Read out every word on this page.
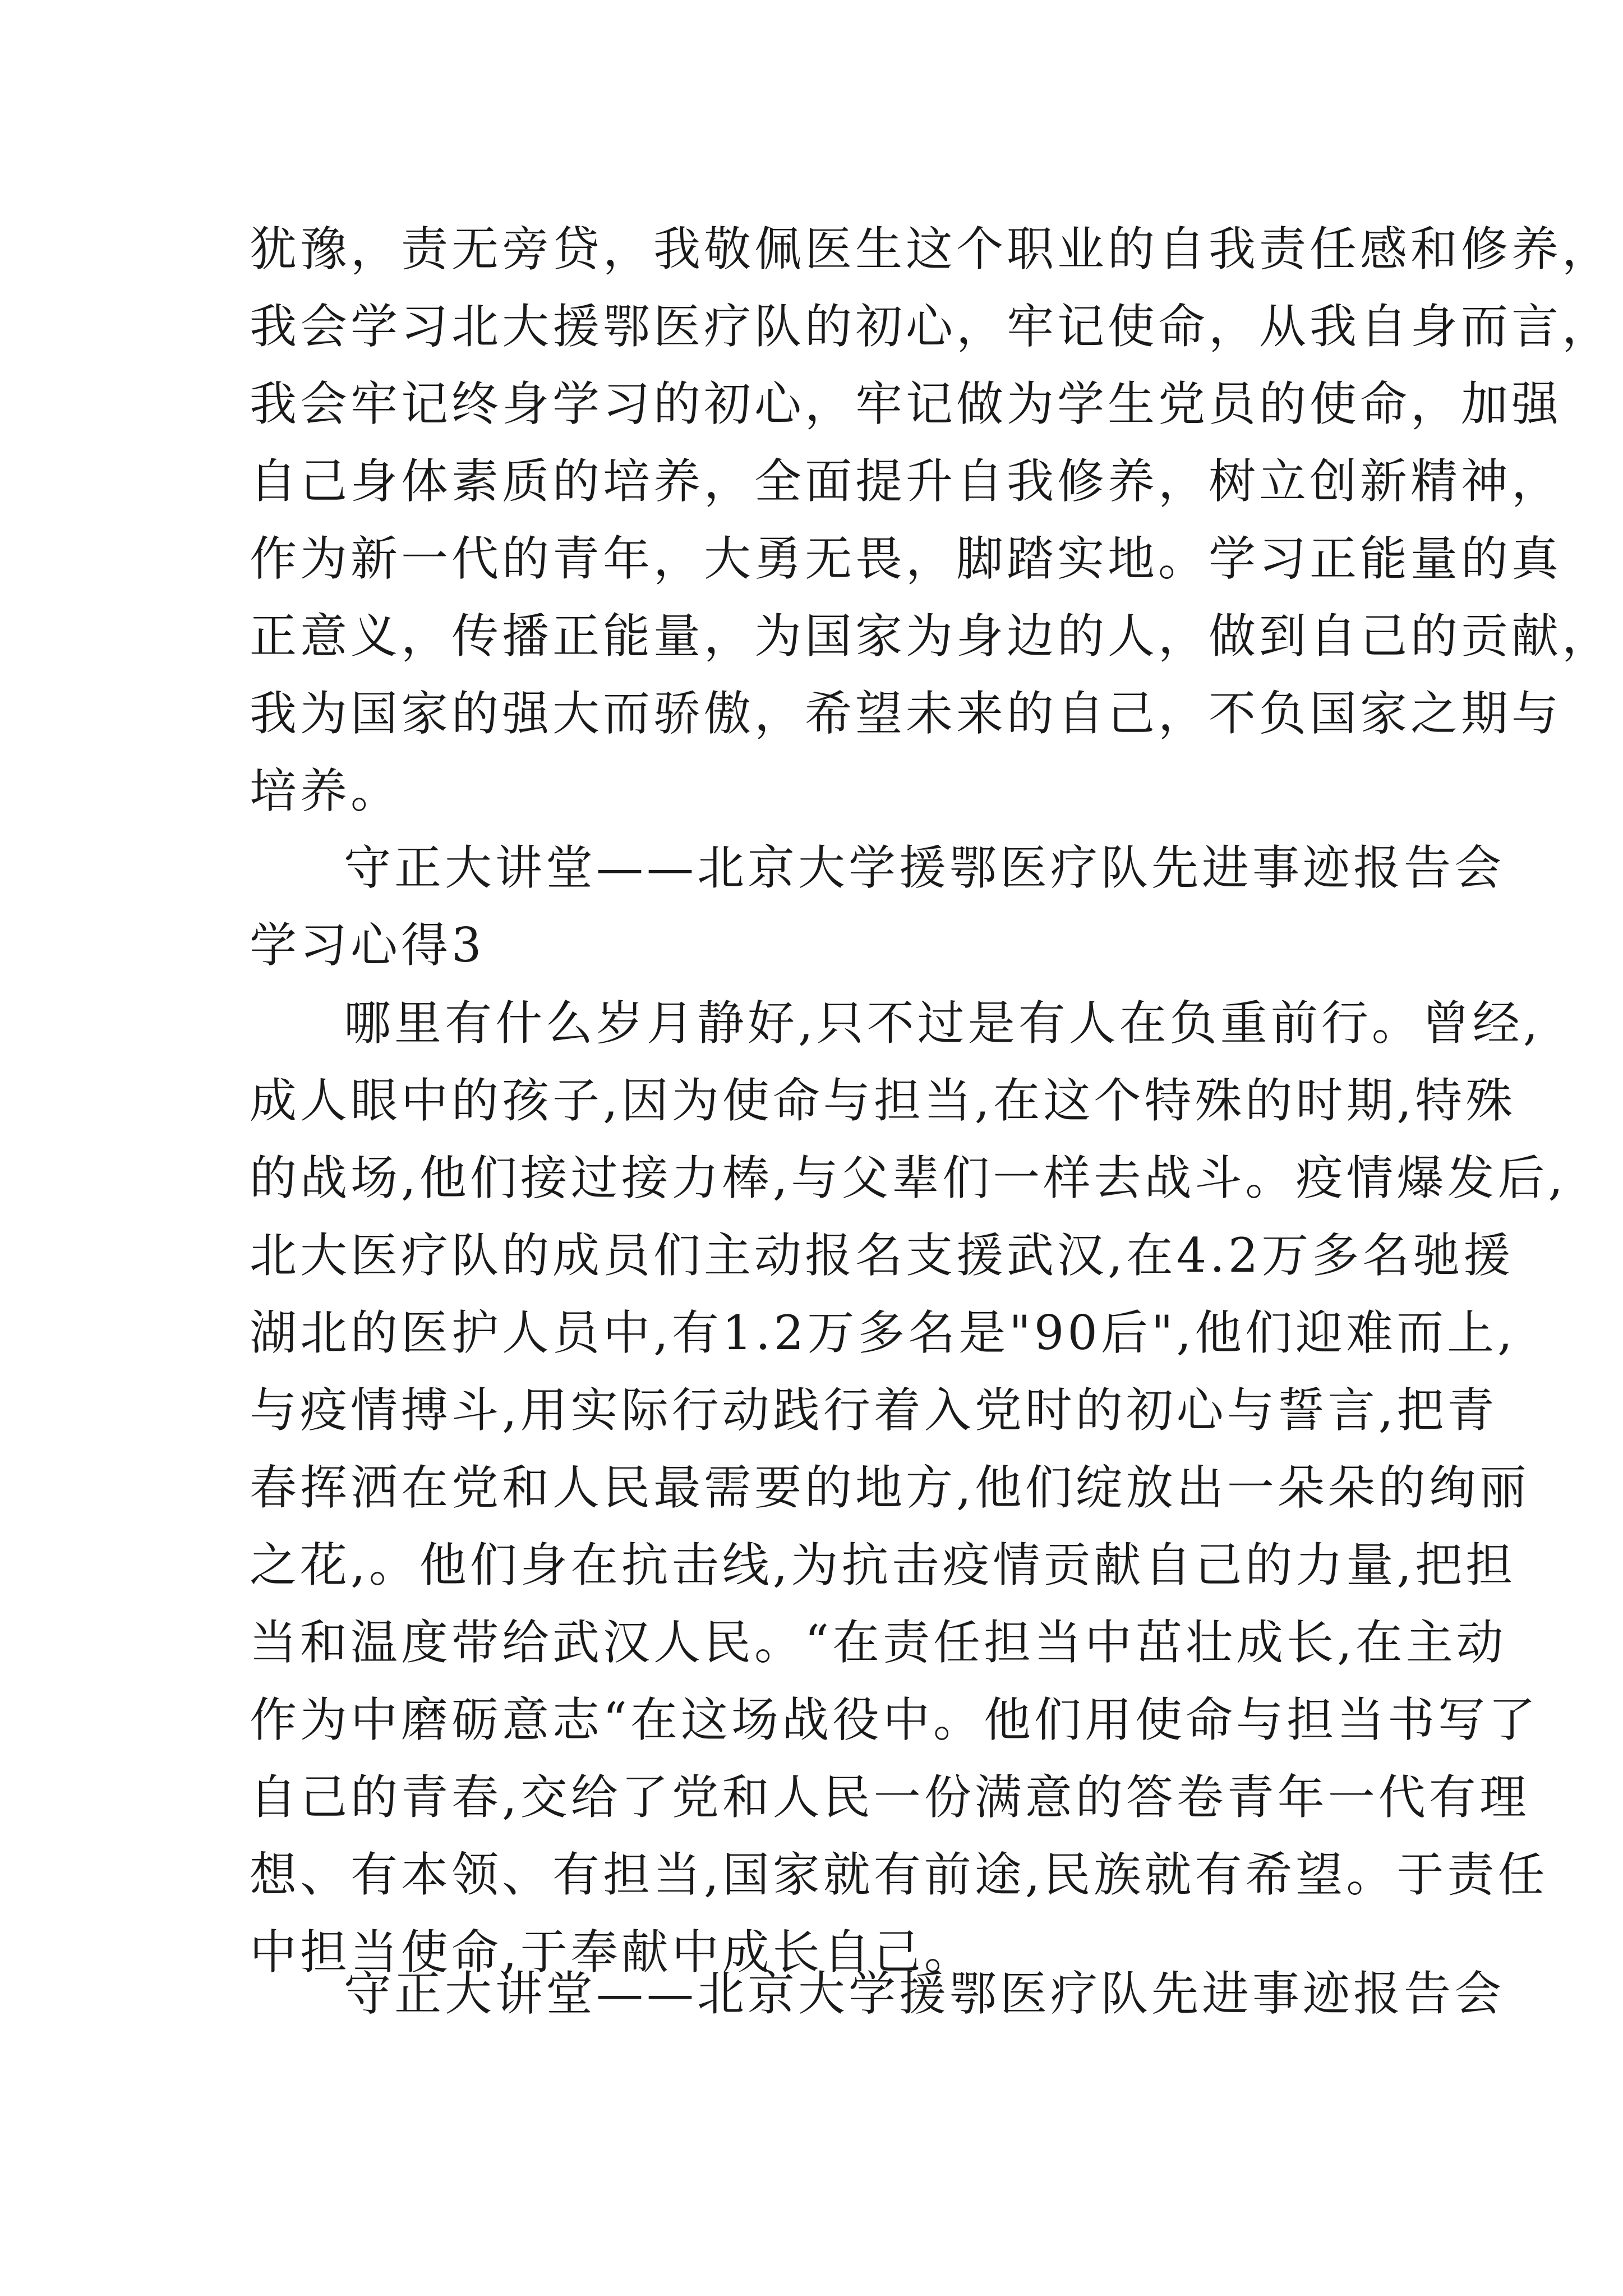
犹豫，责无旁贷，我敬佩医生这个职业的自我责任感和修养，
我会学习北大援鄂医疗队的初心，牢记使命，从我自身而言，
我会牢记终身学习的初心，牢记做为学生党员的使命，加强
自己身体素质的培养，全面提升自我修养，树立创新精神，
作为新一代的青年，大勇无畏，脚踏实地。学习正能量的真
正意义，传播正能量，为国家为身边的人，做到自己的贡献，
我为国家的强大而骄傲，希望未来的自己，不负国家之期与
培养。
守正大讲堂——北京大学援鄂医疗队先进事迹报告会
学习心得3
哪里有什么岁月静好,只不过是有人在负重前行。曾经,
成人眼中的孩子,因为使命与担当,在这个特殊的时期,特殊
的战场,他们接过接力棒,与父辈们一样去战斗。疫情爆发后,
北大医疗队的成员们主动报名支援武汉,在4.2万多名驰援
湖北的医护人员中,有1.2万多名是"90后",他们迎难而上,
与疫情搏斗,用实际行动践行着入党时的初心与誓言,把青
春挥洒在党和人民最需要的地方,他们绽放出一朵朵的绚丽
之花,。他们身在抗击线,为抗击疫情贡献自己的力量,把担
当和温度带给武汉人民。“在责任担当中茁壮成长,在主动
作为中磨砺意志“在这场战役中。他们用使命与担当书写了
自己的青春,交给了党和人民一份满意的答卷青年一代有理
想、有本领、有担当,国家就有前途,民族就有希望。于责任
中担当使命,于奉献中成长自己。
守正大讲堂——北京大学援鄂医疗队先进事迹报告会
